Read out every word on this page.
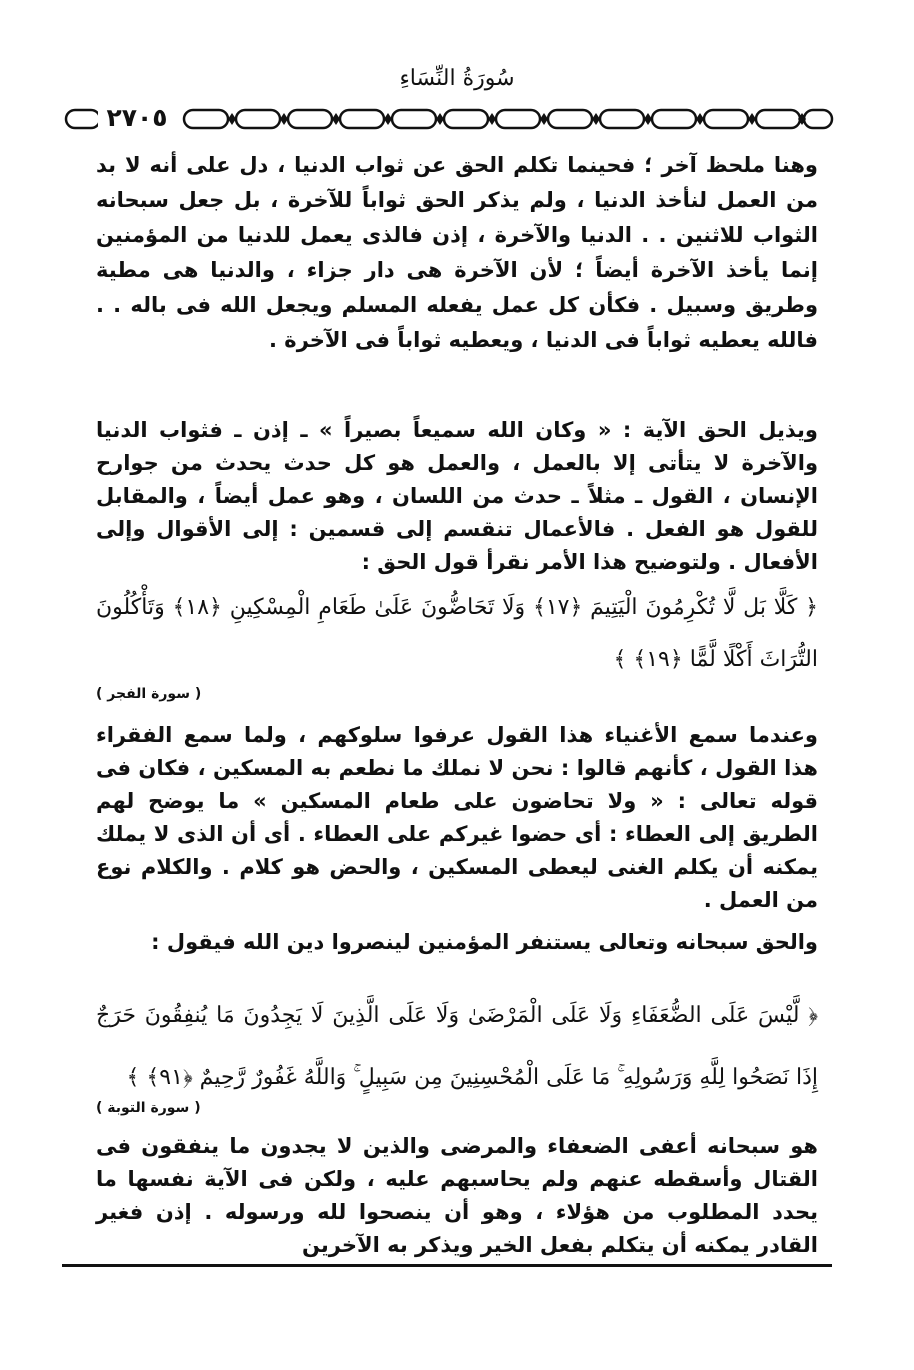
سُورَةُ النِّسَاءِ
٢٧٠٥

وهنا ملحظ آخر ؛ فحينما تكلم الحق عن ثواب الدنيا ، دل على أنه لا بد من العمل لنأخذ الدنيا ، ولم يذكر الحق ثواباً للآخرة ، بل جعل سبحانه الثواب للاثنين . . الدنيا والآخرة ، إذن فالذى يعمل للدنيا من المؤمنين إنما يأخذ الآخرة أيضاً ؛ لأن الآخرة هى دار جزاء ، والدنيا هى مطية وطريق وسبيل . فكأن كل عمل يفعله المسلم ويجعل الله فى باله . . فالله يعطيه ثواباً فى الدنيا ، ويعطيه ثواباً فى الآخرة .

ويذيل الحق الآية : « وكان الله سميعاً بصيراً » ـ إذن ـ فثواب الدنيا والآخرة لا يتأتى إلا بالعمل ، والعمل هو كل حدث يحدث من جوارح الإنسان ، القول ـ مثلاً ـ حدث من اللسان ، وهو عمل أيضاً ، والمقابل للقول هو الفعل . فالأعمال تنقسم إلى قسمين : إلى الأقوال وإلى الأفعال . ولتوضيح هذا الأمر نقرأ قول الحق :

﴿ كَلَّا بَل لَّا تُكْرِمُونَ الْيَتِيمَ ﴿١٧﴾ وَلَا تَحَاضُّونَ عَلَىٰ طَعَامِ الْمِسْكِينِ ﴿١٨﴾ وَتَأْكُلُونَ التُّرَاثَ أَكْلًا لَّمًّا ﴿١٩﴾ ﴾

( سورة الفجر )

وعندما سمع الأغنياء هذا القول عرفوا سلوكهم ، ولما سمع الفقراء هذا القول ، كأنهم قالوا : نحن لا نملك ما نطعم به المسكين ، فكان فى قوله تعالى : « ولا تحاضون على طعام المسكين » ما يوضح لهم الطريق إلى العطاء : أى حضوا غيركم على العطاء . أى أن الذى لا يملك يمكنه أن يكلم الغنى ليعطى المسكين ، والحض هو كلام . والكلام نوع من العمل .

والحق سبحانه وتعالى يستنفر المؤمنين لينصروا دين الله فيقول :

﴿ لَّيْسَ عَلَى الضُّعَفَاءِ وَلَا عَلَى الْمَرْضَىٰ وَلَا عَلَى الَّذِينَ لَا يَجِدُونَ مَا يُنفِقُونَ حَرَجٌ إِذَا نَصَحُوا لِلَّهِ وَرَسُولِهِ ۚ مَا عَلَى الْمُحْسِنِينَ مِن سَبِيلٍ ۚ وَاللَّهُ غَفُورٌ رَّحِيمٌ ﴿٩١﴾ ﴾

( سورة التوبة )

هو سبحانه أعفى الضعفاء والمرضى والذين لا يجدون ما ينفقون فى القتال وأسقطه عنهم ولم يحاسبهم عليه ، ولكن فى الآية نفسها ما يحدد المطلوب من هؤلاء ، وهو أن ينصحوا لله ورسوله . إذن فغير القادر يمكنه أن يتكلم بفعل الخير ويذكر به الآخرين
